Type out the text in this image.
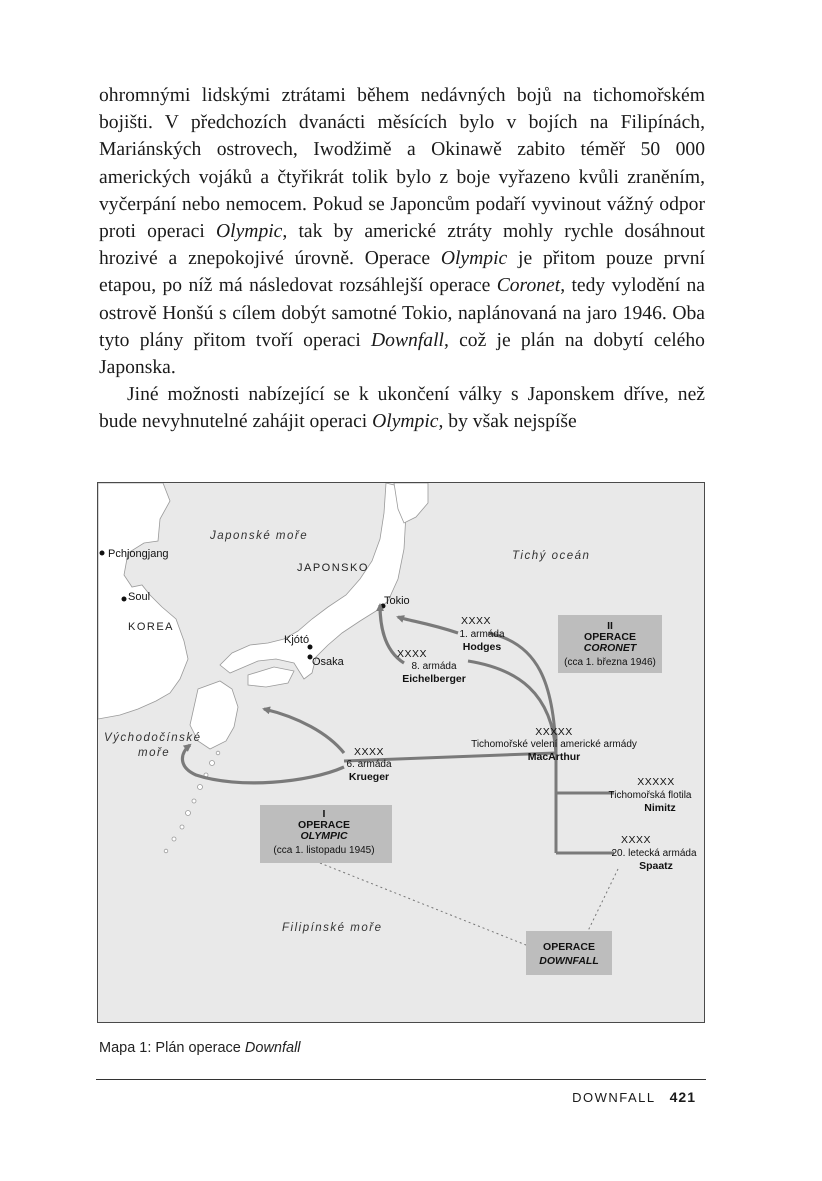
ohromnými lidskými ztrátami během nedávných bojů na tichomořském bojišti. V předchozích dvanácti měsících bylo v bojích na Filipínách, Mariánských ostrovech, Iwodžimě a Okinawě zabito téměř 50 000 amerických vojáků a čtyřikrát tolik bylo z boje vyřazeno kvůli zraněním, vyčerpání nebo nemocem. Pokud se Japoncům podaří vyvinout vážný odpor proti operaci Olympic, tak by americké ztráty mohly rychle dosáhnout hrozivé a znepokojivé úrovně. Operace Olympic je přitom pouze první etapou, po níž má následovat rozsáhlejší operace Coronet, tedy vylodění na ostrově Honšú s cílem dobýt samotné Tokio, naplánovaná na jaro 1946. Oba tyto plány přitom tvoří operaci Downfall, což je plán na dobytí celého Japonska.

Jiné možnosti nabízející se k ukončení války s Japonskem dříve, než bude nevyhnutelné zahájit operaci Olympic, by však nejspíše

Japonské moře
Tichý oceán
Východočínské
moře
Filipínské moře
JAPONSKO
KOREA
Pchjongjang
Soul	Tokio
Kjótó
Osaka
XXXX
1. armáda
Hodges
XXXX
8. armáda
Eichelberger
XXXX
6. armáda
Krueger
XXXXX
Tichomořské velení americké armády
MacArthur
XXXXX
Tichomořská flotila
Nimitz
XXXX
20. letecká armáda
Spaatz
II
OPERACE
CORONET
(cca 1. března 1946)
I
OPERACE
OLYMPIC
(cca 1. listopadu 1945)
OPERACE
DOWNFALL
Mapa 1: Plán operace Downfall
DOWNFALL 421
